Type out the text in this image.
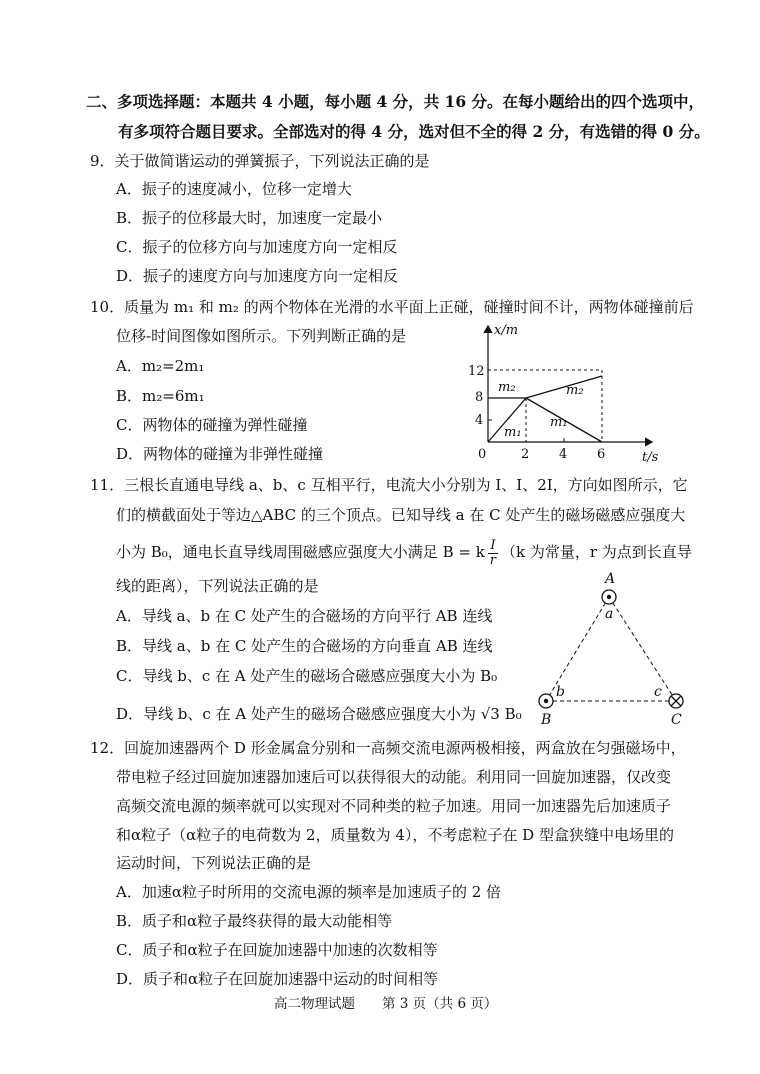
二、多项选择题：本题共 4 小题，每小题 4 分，共 16 分。在每小题给出的四个选项中，
有多项符合题目要求。全部选对的得 4 分，选对但不全的得 2 分，有选错的得 0 分。
9．关于做简谐运动的弹簧振子，下列说法正确的是
A．振子的速度减小，位移一定增大
B．振子的位移最大时，加速度一定最小
C．振子的位移方向与加速度方向一定相反
D．振子的速度方向与加速度方向一定相反
10．质量为 m₁ 和 m₂ 的两个物体在光滑的水平面上正碰，碰撞时间不计，两物体碰撞前后
位移-时间图像如图所示。下列判断正确的是
A．m₂=2m₁
B．m₂=6m₁
C．两物体的碰撞为弹性碰撞
D．两物体的碰撞为非弹性碰撞
x/m
t/s
0
4
8
12
2 4 6
m₂
m₁
m₁
m₂
11．三根长直通电导线 a、b、c 互相平行，电流大小分别为 I、I、2I，方向如图所示，它
们的横截面处于等边△ABC 的三个顶点。已知导线 a 在 C 处产生的磁场磁感应强度大
小为 B₀，通电长直导线周围磁感应强度大小满足 B = k $\frac{I}{r} (k$ 为常量，r 为点到长直导
线的距离），下列说法正确的是
A．导线 a、b 在 C 处产生的合磁场的方向平行 AB 连线
B．导线 a、b 在 C 处产生的合磁场的方向垂直 AB 连线
C．导线 b、c 在 A 处产生的磁场合磁感应强度大小为 B₀
D．导线 b、c 在 A 处产生的磁场合磁感应强度大小为 √3 B₀
A
a
b
B
c
C
12．回旋加速器两个 D 形金属盒分别和一高频交流电源两极相接，两盒放在匀强磁场中，
带电粒子经过回旋加速器加速后可以获得很大的动能。利用同一回旋加速器，仅改变
高频交流电源的频率就可以实现对不同种类的粒子加速。用同一加速器先后加速质子
和α粒子（α粒子的电荷数为 2，质量数为 4），不考虑粒子在 D 型盒狭缝中电场里的
运动时间，下列说法正确的是
A．加速α粒子时所用的交流电源的频率是加速质子的 2 倍
B．质子和α粒子最终获得的最大动能相等
C．质子和α粒子在回旋加速器中加速的次数相等
D．质子和α粒子在回旋加速器中运动的时间相等
高二物理试题 第 3 页（共 6 页）
